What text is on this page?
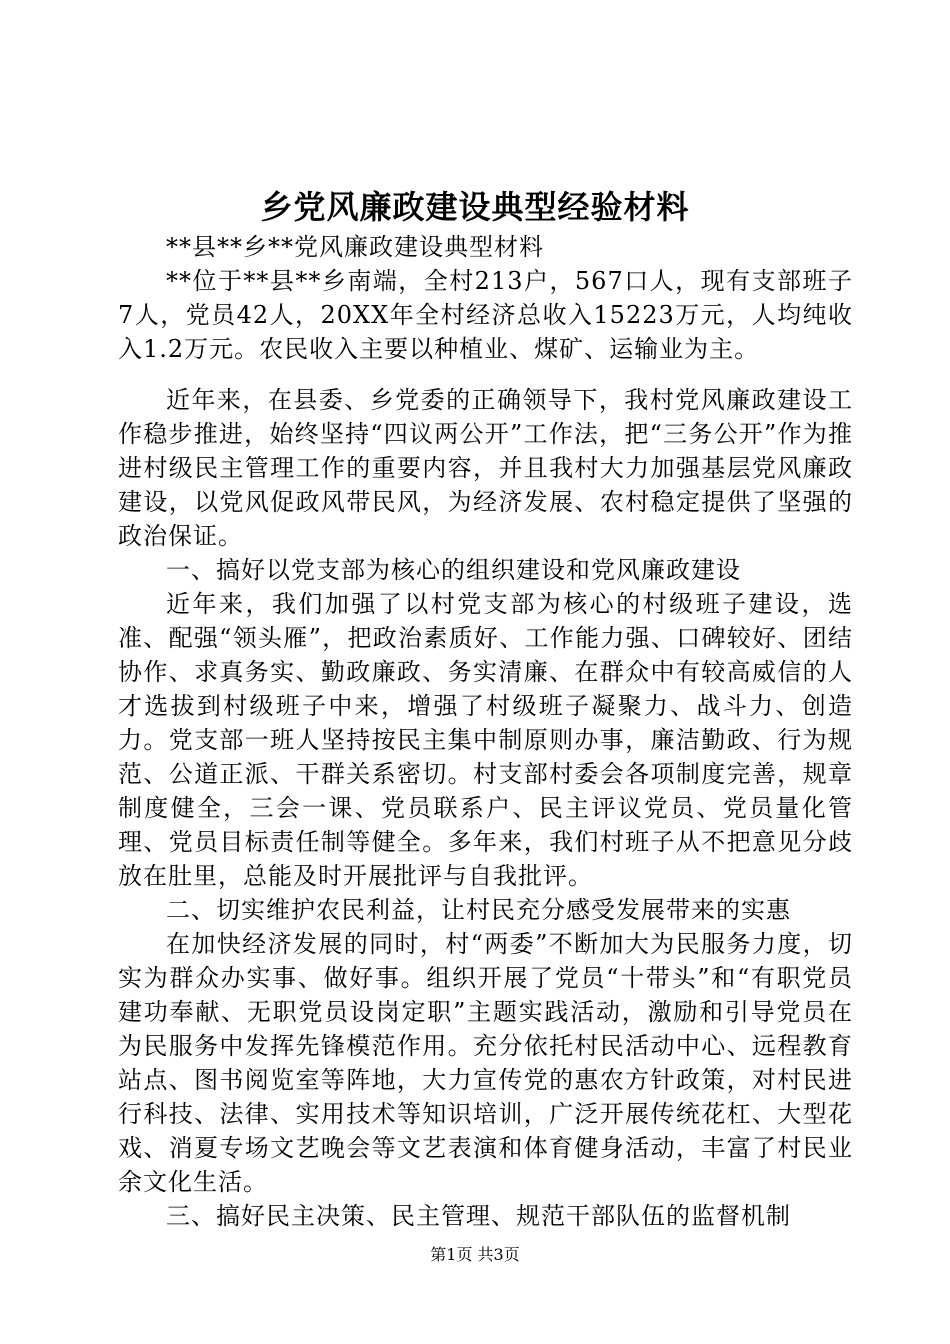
乡党风廉政建设典型经验材料

**县**乡**党风廉政建设典型材料

**位于**县**乡南端，全村213户，567口人，现有支部班子7人，党员42人，20XX年全村经济总收入15223万元，人均纯收入1.2万元。农民收入主要以种植业、煤矿、运输业为主。

近年来，在县委、乡党委的正确领导下，我村党风廉政建设工作稳步推进，始终坚持“四议两公开”工作法，把“三务公开”作为推进村级民主管理工作的重要内容，并且我村大力加强基层党风廉政建设，以党风促政风带民风，为经济发展、农村稳定提供了坚强的政治保证。

一、搞好以党支部为核心的组织建设和党风廉政建设

近年来，我们加强了以村党支部为核心的村级班子建设，选准、配强“领头雁”，把政治素质好、工作能力强、口碑较好、团结协作、求真务实、勤政廉政、务实清廉、在群众中有较高威信的人才选拔到村级班子中来，增强了村级班子凝聚力、战斗力、创造力。党支部一班人坚持按民主集中制原则办事，廉洁勤政、行为规范、公道正派、干群关系密切。村支部村委会各项制度完善，规章制度健全，三会一课、党员联系户、民主评议党员、党员量化管理、党员目标责任制等健全。多年来，我们村班子从不把意见分歧放在肚里，总能及时开展批评与自我批评。

二、切实维护农民利益，让村民充分感受发展带来的实惠

在加快经济发展的同时，村“两委”不断加大为民服务力度，切实为群众办实事、做好事。组织开展了党员“十带头”和“有职党员建功奉献、无职党员设岗定职”主题实践活动，激励和引导党员在为民服务中发挥先锋模范作用。充分依托村民活动中心、远程教育站点、图书阅览室等阵地，大力宣传党的惠农方针政策，对村民进行科技、法律、实用技术等知识培训，广泛开展传统花杠、大型花戏、消夏专场文艺晚会等文艺表演和体育健身活动，丰富了村民业余文化生活。

三、搞好民主决策、民主管理、规范干部队伍的监督机制

第1页 共3页
